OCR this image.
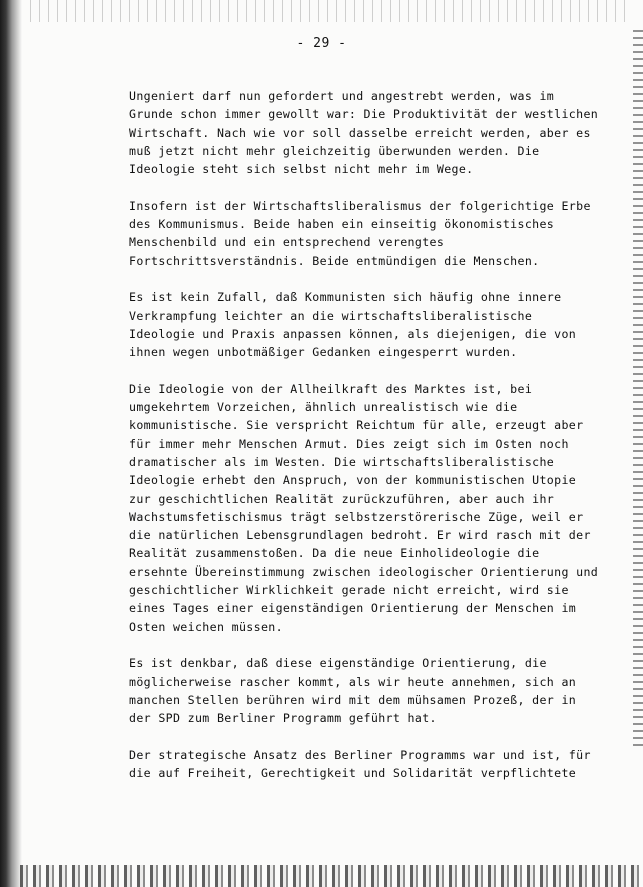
- 29 -
Ungeniert darf nun gefordert und angestrebt werden, was im
Grunde schon immer gewollt war: Die Produktivität der westlichen
Wirtschaft. Nach wie vor soll dasselbe erreicht werden, aber es
muß jetzt nicht mehr gleichzeitig überwunden werden. Die
Ideologie steht sich selbst nicht mehr im Wege.
Insofern ist der Wirtschaftsliberalismus der folgerichtige Erbe
des Kommunismus. Beide haben ein einseitig ökonomistisches
Menschenbild und ein entsprechend verengtes
Fortschrittsverständnis. Beide entmündigen die Menschen.
Es ist kein Zufall, daß Kommunisten sich häufig ohne innere
Verkrampfung leichter an die wirtschaftsliberalistische
Ideologie und Praxis anpassen können, als diejenigen, die von
ihnen wegen unbotmäßiger Gedanken eingesperrt wurden.
Die Ideologie von der Allheilkraft des Marktes ist, bei
umgekehrtem Vorzeichen, ähnlich unrealistisch wie die
kommunistische. Sie verspricht Reichtum für alle, erzeugt aber
für immer mehr Menschen Armut. Dies zeigt sich im Osten noch
dramatischer als im Westen. Die wirtschaftsliberalistische
Ideologie erhebt den Anspruch, von der kommunistischen Utopie
zur geschichtlichen Realität zurückzuführen, aber auch ihr
Wachstumsfetischismus trägt selbstzerstörerische Züge, weil er
die natürlichen Lebensgrundlagen bedroht. Er wird rasch mit der
Realität zusammenstoßen. Da die neue Einholideologie die
ersehnte Übereinstimmung zwischen ideologischer Orientierung und
geschichtlicher Wirklichkeit gerade nicht erreicht, wird sie
eines Tages einer eigenständigen Orientierung der Menschen im
Osten weichen müssen.
Es ist denkbar, daß diese eigenständige Orientierung, die
möglicherweise rascher kommt, als wir heute annehmen, sich an
manchen Stellen berühren wird mit dem mühsamen Prozeß, der in
der SPD zum Berliner Programm geführt hat.
Der strategische Ansatz des Berliner Programms war und ist, für
die auf Freiheit, Gerechtigkeit und Solidarität verpflichtete
